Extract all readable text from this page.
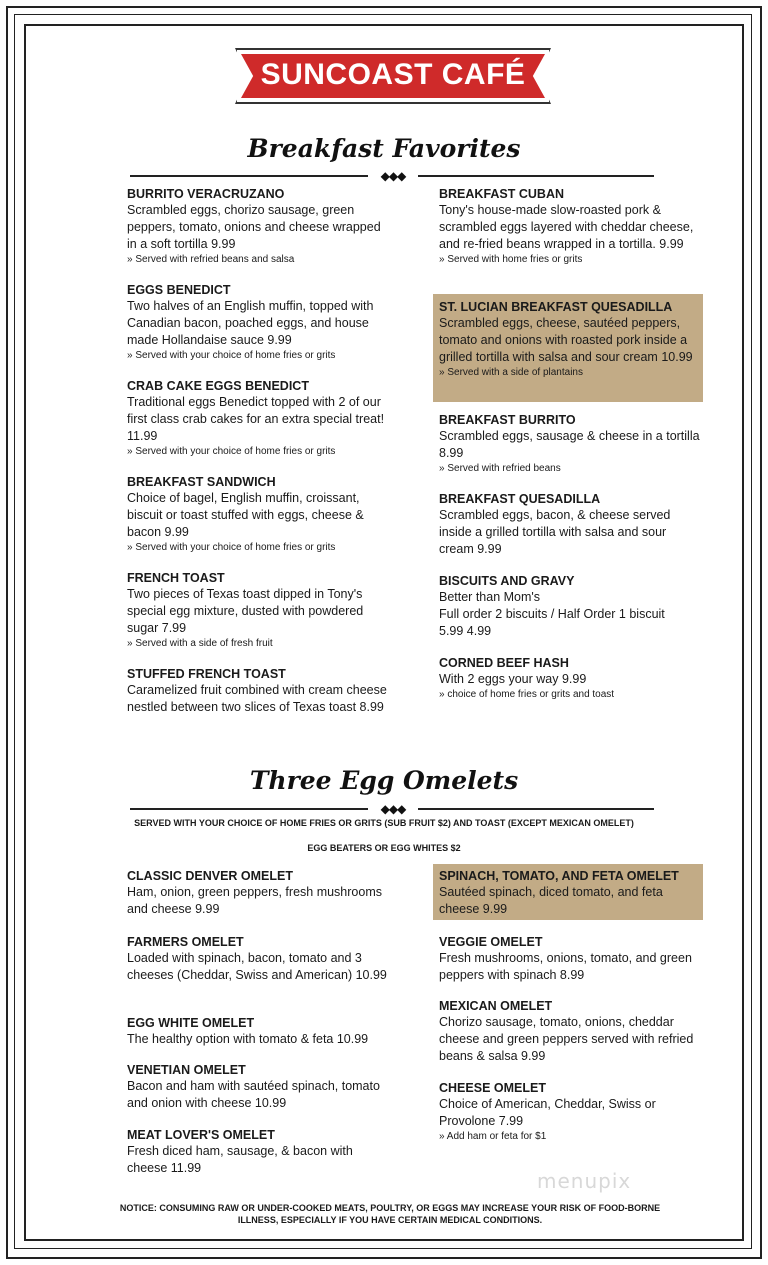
SUNCOAST CAFÉ
Breakfast Favorites
◆◆◆
BURRITO VERACRUZANO
Scrambled eggs, chorizo sausage, green peppers, tomato, onions and cheese wrapped in a soft tortilla 9.99
» Served with refried beans and salsa
EGGS BENEDICT
Two halves of an English muffin, topped with Canadian bacon, poached eggs, and house made Hollandaise sauce 9.99
» Served with your choice of home fries or grits
CRAB CAKE EGGS BENEDICT
Traditional eggs Benedict topped with 2 of our first class crab cakes for an extra special treat! 11.99
» Served with your choice of home fries or grits
BREAKFAST SANDWICH
Choice of bagel, English muffin, croissant, biscuit or toast stuffed with eggs, cheese & bacon 9.99
» Served with your choice of home fries or grits
FRENCH TOAST
Two pieces of Texas toast dipped in Tony's special egg mixture, dusted with powdered sugar 7.99
» Served with a side of fresh fruit
STUFFED FRENCH TOAST
Caramelized fruit combined with cream cheese nestled between two slices of Texas toast 8.99
BREAKFAST CUBAN
Tony's house-made slow-roasted pork & scrambled eggs layered with cheddar cheese, and re-fried beans wrapped in a tortilla. 9.99
» Served with home fries or grits
ST. LUCIAN BREAKFAST QUESADILLA
Scrambled eggs, cheese, sautéed peppers, tomato and onions with roasted pork inside a grilled tortilla with salsa and sour cream 10.99
» Served with a side of plantains
BREAKFAST BURRITO
Scrambled eggs, sausage & cheese in a tortilla 8.99
» Served with refried beans
BREAKFAST QUESADILLA
Scrambled eggs, bacon, & cheese served inside a grilled tortilla with salsa and sour cream 9.99
BISCUITS AND GRAVY
Better than Mom's
Full order 2 biscuits / Half Order 1 biscuit
5.99 4.99
CORNED BEEF HASH
With 2 eggs your way 9.99
» choice of home fries or grits and toast
Three Egg Omelets
◆◆◆
SERVED WITH YOUR CHOICE OF HOME FRIES OR GRITS (SUB FRUIT $2) AND TOAST (EXCEPT MEXICAN OMELET)
EGG BEATERS OR EGG WHITES $2
CLASSIC DENVER OMELET
Ham, onion, green peppers, fresh mushrooms and cheese 9.99
FARMERS OMELET
Loaded with spinach, bacon, tomato and 3 cheeses (Cheddar, Swiss and American) 10.99
EGG WHITE OMELET
The healthy option with tomato & feta 10.99
VENETIAN OMELET
Bacon and ham with sautéed spinach, tomato and onion with cheese 10.99
MEAT LOVER'S OMELET
Fresh diced ham, sausage, & bacon with cheese 11.99
SPINACH, TOMATO, AND FETA OMELET
Sautéed spinach, diced tomato, and feta cheese 9.99
VEGGIE OMELET
Fresh mushrooms, onions, tomato, and green peppers with spinach 8.99
MEXICAN OMELET
Chorizo sausage, tomato, onions, cheddar cheese and green peppers served with refried beans & salsa 9.99
CHEESE OMELET
Choice of American, Cheddar, Swiss or Provolone 7.99
» Add ham or feta for $1
menupix
NOTICE: CONSUMING RAW OR UNDER-COOKED MEATS, POULTRY, OR EGGS MAY INCREASE YOUR RISK OF FOOD-BORNE ILLNESS, ESPECIALLY IF YOU HAVE CERTAIN MEDICAL CONDITIONS.
